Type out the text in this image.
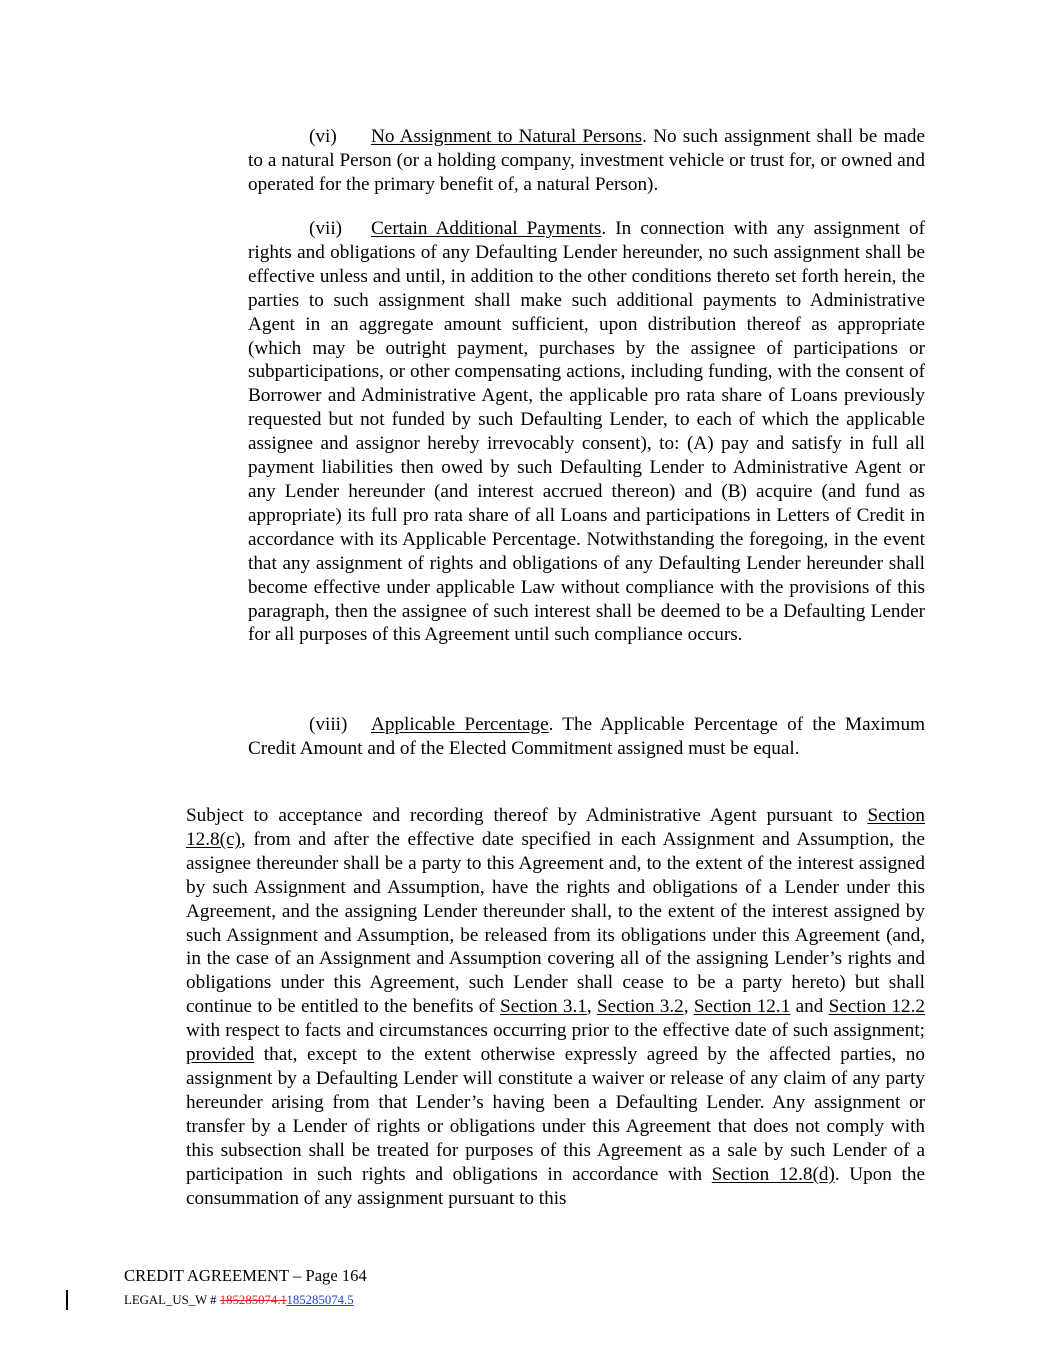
(vi) No Assignment to Natural Persons. No such assignment shall be made to a natural Person (or a holding company, investment vehicle or trust for, or owned and operated for the primary benefit of, a natural Person).

(vii) Certain Additional Payments. In connection with any assignment of rights and obligations of any Defaulting Lender hereunder, no such assignment shall be effective unless and until, in addition to the other conditions thereto set forth herein, the parties to such assignment shall make such additional payments to Administrative Agent in an aggregate amount sufficient, upon distribution thereof as appropriate (which may be outright payment, purchases by the assignee of participations or subparticipations, or other compensating actions, including funding, with the consent of Borrower and Administrative Agent, the applicable pro rata share of Loans previously requested but not funded by such Defaulting Lender, to each of which the applicable assignee and assignor hereby irrevocably consent), to: (A) pay and satisfy in full all payment liabilities then owed by such Defaulting Lender to Administrative Agent or any Lender hereunder (and interest accrued thereon) and (B) acquire (and fund as appropriate) its full pro rata share of all Loans and participations in Letters of Credit in accordance with its Applicable Percentage. Notwithstanding the foregoing, in the event that any assignment of rights and obligations of any Defaulting Lender hereunder shall become effective under applicable Law without compliance with the provisions of this paragraph, then the assignee of such interest shall be deemed to be a Defaulting Lender for all purposes of this Agreement until such compliance occurs.

(viii) Applicable Percentage. The Applicable Percentage of the Maximum Credit Amount and of the Elected Commitment assigned must be equal.

Subject to acceptance and recording thereof by Administrative Agent pursuant to Section 12.8(c), from and after the effective date specified in each Assignment and Assumption, the assignee thereunder shall be a party to this Agreement and, to the extent of the interest assigned by such Assignment and Assumption, have the rights and obligations of a Lender under this Agreement, and the assigning Lender thereunder shall, to the extent of the interest assigned by such Assignment and Assumption, be released from its obligations under this Agreement (and, in the case of an Assignment and Assumption covering all of the assigning Lender’s rights and obligations under this Agreement, such Lender shall cease to be a party hereto) but shall continue to be entitled to the benefits of Section 3.1, Section 3.2, Section 12.1 and Section 12.2 with respect to facts and circumstances occurring prior to the effective date of such assignment; provided that, except to the extent otherwise expressly agreed by the affected parties, no assignment by a Defaulting Lender will constitute a waiver or release of any claim of any party hereunder arising from that Lender’s having been a Defaulting Lender. Any assignment or transfer by a Lender of rights or obligations under this Agreement that does not comply with this subsection shall be treated for purposes of this Agreement as a sale by such Lender of a participation in such rights and obligations in accordance with Section 12.8(d). Upon the consummation of any assignment pursuant to this

CREDIT AGREEMENT – Page 164
LEGAL_US_W # 185285074.1185285074.5
